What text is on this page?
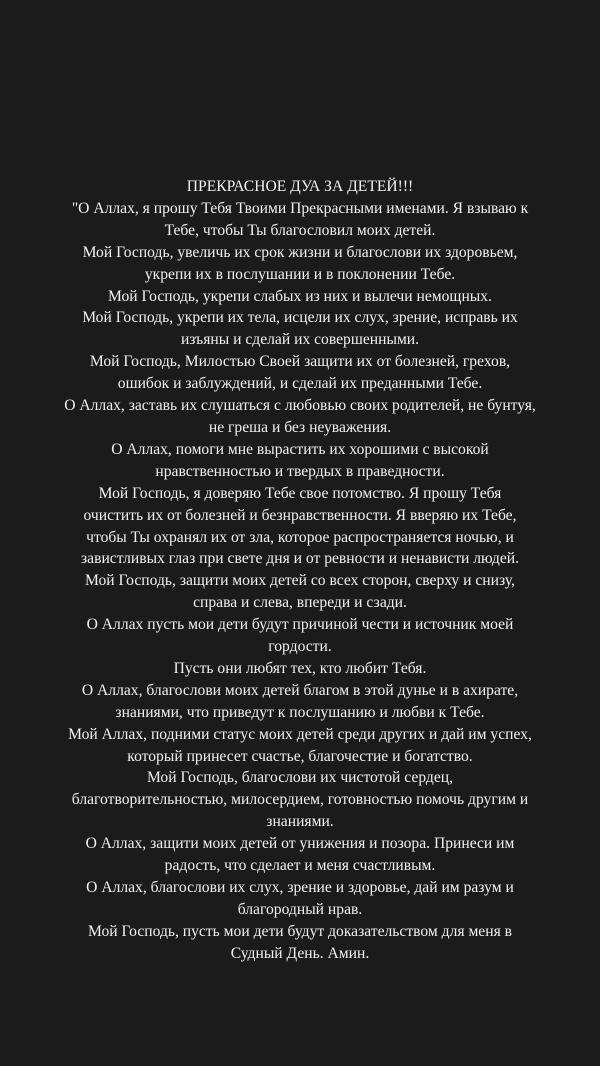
ПРЕКРАСНОЕ ДУА ЗА ДЕТЕЙ!!!
"О Аллах, я прошу Тебя Твоими Прекрасными именами. Я взываю к
Тебе, чтобы Ты благословил моих детей.
Мой Господь, увеличь их срок жизни и благослови их здоровьем,
укрепи их в послушании и в поклонении Тебе.
Мой Господь, укрепи слабых из них и вылечи немощных.
Мой Господь, укрепи их тела, исцели их слух, зрение, исправь их
изъяны и сделай их совершенными.
Мой Господь, Милостью Своей защити их от болезней, грехов,
ошибок и заблуждений, и сделай их преданными Тебе.
О Аллах, заставь их слушаться с любовью своих родителей, не бунтуя,
не греша и без неуважения.
О Аллах, помоги мне вырастить их хорошими с высокой
нравственностью и твердых в праведности.
Мой Господь, я доверяю Тебе свое потомство. Я прошу Тебя
очистить их от болезней и безнравственности. Я вверяю их Тебе,
чтобы Ты охранял их от зла, которое распространяется ночью, и
завистливых глаз при свете дня и от ревности и ненависти людей.
Мой Господь, защити моих детей со всех сторон, сверху и снизу,
справа и слева, впереди и сзади.
О Аллах пусть мои дети будут причиной чести и источник моей
гордости.
Пусть они любят тех, кто любит Тебя.
О Аллах, благослови моих детей благом в этой дунье и в ахирате,
знаниями, что приведут к послушанию и любви к Тебе.
Мой Аллах, подними статус моих детей среди других и дай им успех,
который принесет счастье, благочестие и богатство.
Мой Господь, благослови их чистотой сердец,
благотворительностью, милосердием, готовностью помочь другим и
знаниями.
О Аллах, защити моих детей от унижения и позора. Принеси им
радость, что сделает и меня счастливым.
О Аллах, благослови их слух, зрение и здоровье, дай им разум и
благородный нрав.
Мой Господь, пусть мои дети будут доказательством для меня в
Судный День. Амин.
